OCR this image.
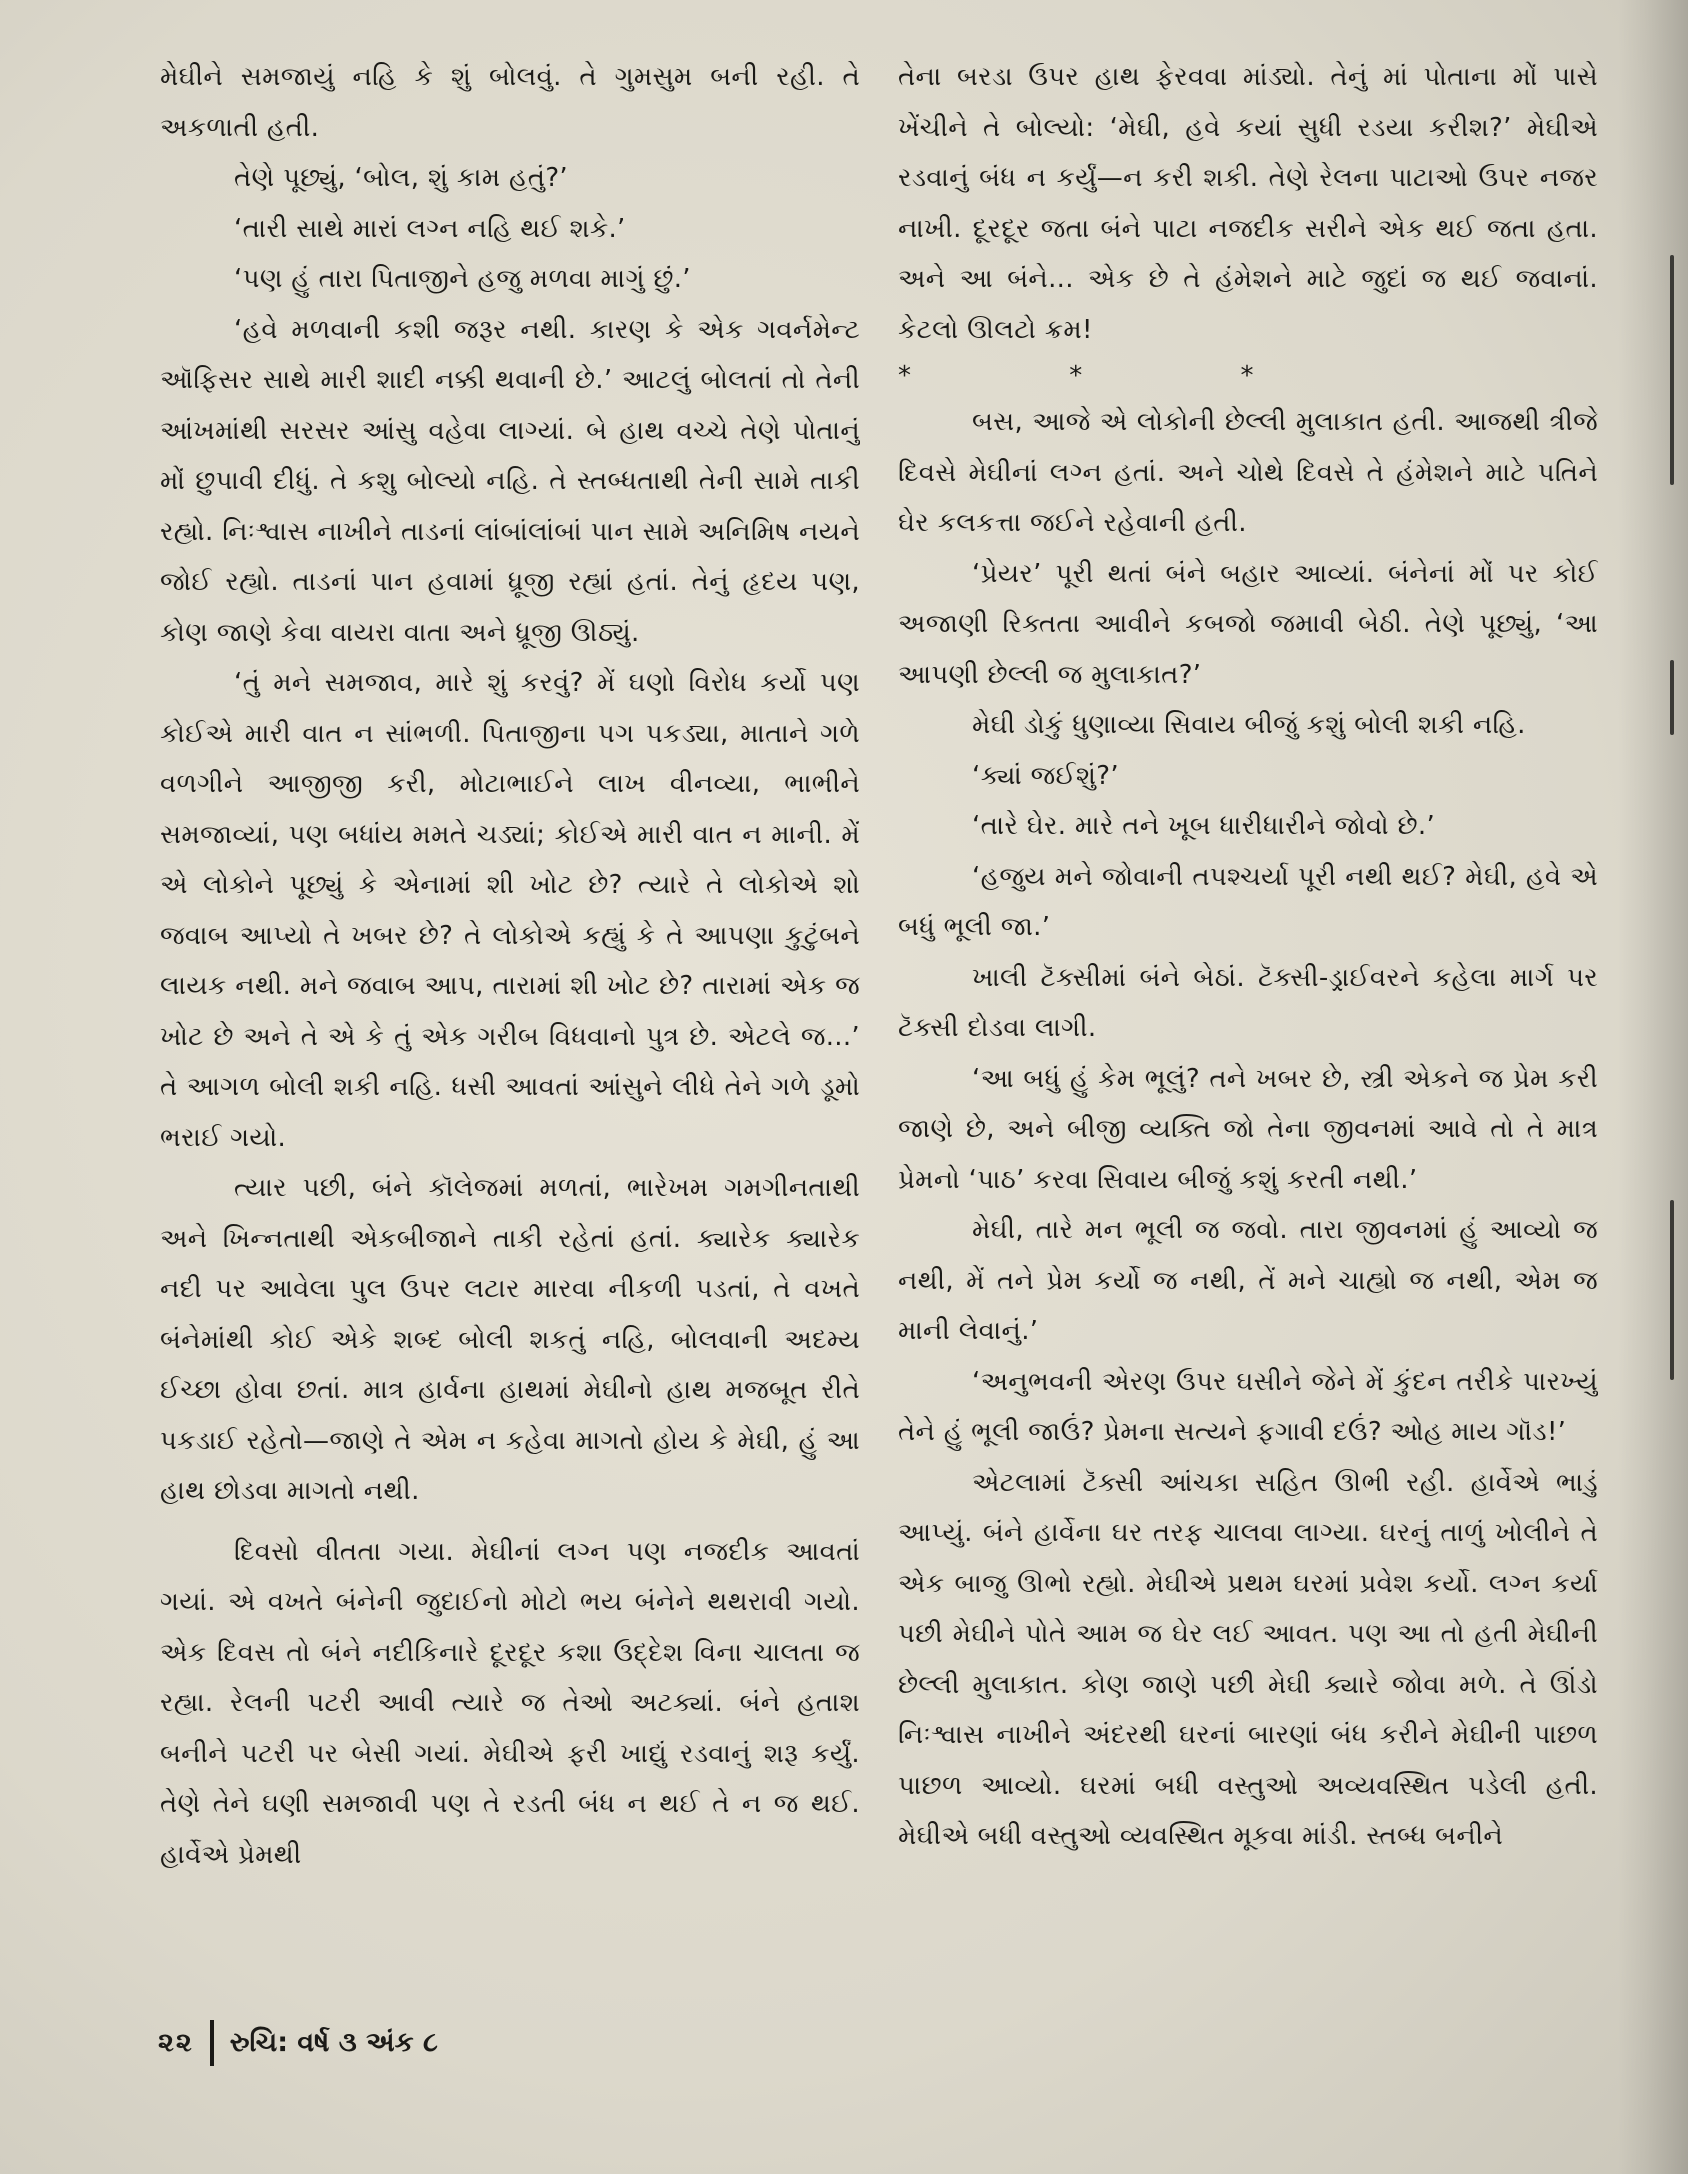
મેઘીને સમજાયું નહિ કે શું બોલવું. તે ગુમસુમ બની રહી. તે અકળાતી હતી.

તેણે પૂછ્યું, ‘બોલ, શું કામ હતું?’

‘તારી સાથે મારાં લગ્ન નહિ થઈ શકે.’

‘પણ હું તારા પિતાજીને હજુ મળવા માગું છું.’

‘હવે મળવાની કશી જરૂર નથી. કારણ કે એક ગવર્નમેન્ટ ઑફિસર સાથે મારી શાદી નક્કી થવાની છે.’ આટલું બોલતાં તો તેની આંખમાંથી સરસર આંસુ વહેવા લાગ્યાં. બે હાથ વચ્ચે તેણે પોતાનું મોં છુપાવી દીધું. તે કશુ બોલ્યો નહિ. તે સ્તબ્ધતાથી તેની સામે તાકી રહ્યો. નિઃશ્વાસ નાખીને તાડનાં લાંબાંલાંબાં પાન સામે અનિમિષ નયને જોઈ રહ્યો. તાડનાં પાન હવામાં ધ્રૂજી રહ્યાં હતાં. તેનું હૃદય પણ, કોણ જાણે કેવા વાયરા વાતા અને ધ્રૂજી ઊઠ્યું.

‘તું મને સમજાવ, મારે શું કરવું? મેં ઘણો વિરોધ કર્યો પણ કોઈએ મારી વાત ન સાંભળી. પિતાજીના પગ પકડ્યા, માતાને ગળે વળગીને આજીજી કરી, મોટાભાઈને લાખ વીનવ્યા, ભાભીને સમજાવ્યાં, પણ બધાંય મમતે ચડ્યાં; કોઈએ મારી વાત ન માની. મેં એ લોકોને પૂછ્યું કે એનામાં શી ખોટ છે? ત્યારે તે લોકોએ શો જવાબ આપ્યો તે ખબર છે? તે લોકોએ કહ્યું કે તે આપણા કુટુંબને લાયક નથી. મને જવાબ આપ, તારામાં શી ખોટ છે? તારામાં એક જ ખોટ છે અને તે એ કે તું એક ગરીબ વિધવાનો પુત્ર છે. એટલે જ...’ તે આગળ બોલી શકી નહિ. ધસી આવતાં આંસુને લીધે તેને ગળે ડૂમો ભરાઈ ગયો.

ત્યાર પછી, બંને કૉલેજમાં મળતાં, ભારેખમ ગમગીનતાથી અને ખિન્નતાથી એકબીજાને તાકી રહેતાં હતાં. ક્યારેક ક્યારેક નદી પર આવેલા પુલ ઉપર લટાર મારવા નીકળી પડતાં, તે વખતે બંનેમાંથી કોઈ એકે શબ્દ બોલી શકતું નહિ, બોલવાની અદમ્ય ઈચ્છા હોવા છતાં. માત્ર હાર્વના હાથમાં મેઘીનો હાથ મજબૂત રીતે પકડાઈ રહેતો—જાણે તે એમ ન કહેવા માગતો હોય કે મેઘી, હું આ હાથ છોડવા માગતો નથી.

દિવસો વીતતા ગયા. મેઘીનાં લગ્ન પણ નજદીક આવતાં ગયાં. એ વખતે બંનેની જુદાઈનો મોટો ભય બંનેને થથરાવી ગયો. એક દિવસ તો બંને નદીકિનારે દૂરદૂર કશા ઉદ્દેશ વિના ચાલતા જ રહ્યા. રેલની પટરી આવી ત્યારે જ તેઓ અટક્યાં. બંને હતાશ બનીને પટરી પર બેસી ગયાં. મેઘીએ ફરી ખાદ્યું રડવાનું શરૂ કર્યું. તેણે તેને ઘણી સમજાવી પણ તે રડતી બંધ ન થઈ તે ન જ થઈ. હાર્વેએ પ્રેમથી

તેના બરડા ઉપર હાથ ફેરવવા માંડ્યો. તેનું માં પોતાના મોં પાસે ખેંચીને તે બોલ્યો: ‘મેઘી, હવે કયાં સુધી રડયા કરીશ?’ મેઘીએ રડવાનું બંધ ન કર્યું—ન કરી શકી. તેણે રેલના પાટાઓ ઉપર નજર નાખી. દૂરદૂર જતા બંને પાટા નજદીક સરીને એક થઈ જતા હતા. અને આ બંને... એક છે તે હંમેશને માટે જુદાં જ થઈ જવાનાં. કેટલો ઊલટો ક્રમ!

* * *

બસ, આજે એ લોકોની છેલ્લી મુલાકાત હતી. આજથી ત્રીજે દિવસે મેઘીનાં લગ્ન હતાં. અને ચોથે દિવસે તે હંમેશને માટે પતિને ઘેર કલકત્તા જઈને રહેવાની હતી.

‘પ્રેયર’ પૂરી થતાં બંને બહાર આવ્યાં. બંનેનાં મોં પર કોઈ અજાણી રિક્તતા આવીને કબજો જમાવી બેઠી. તેણે પૂછ્યું, ‘આ આપણી છેલ્લી જ મુલાકાત?’

મેઘી ડોકું ધુણાવ્યા સિવાય બીજું કશું બોલી શકી નહિ.

‘ક્યાં જઈશું?’

‘તારે ઘેર. મારે તને ખૂબ ધારીધારીને જોવો છે.’

‘હજુય મને જોવાની તપશ્ચર્યા પૂરી નથી થઈ? મેઘી, હવે એ બધું ભૂલી જા.’

ખાલી ટૅક્સીમાં બંને બેઠાં. ટૅક્સી-ડ્રાઈવરને કહેલા માર્ગ પર ટૅક્સી દોડવા લાગી.

‘આ બધું હું કેમ ભૂલું? તને ખબર છે, સ્ત્રી એકને જ પ્રેમ કરી જાણે છે, અને બીજી વ્યક્તિ જો તેના જીવનમાં આવે તો તે માત્ર પ્રેમનો ‘પાઠ’ કરવા સિવાય બીજું કશું કરતી નથી.’

મેઘી, તારે મન ભૂલી જ જવો. તારા જીવનમાં હું આવ્યો જ નથી, મેં તને પ્રેમ કર્યો જ નથી, તેં મને ચાહ્યો જ નથી, એમ જ માની લેવાનું.’

‘અનુભવની એરણ ઉપર ઘસીને જેને મેં કુંદન તરીકે પારખ્યું તેને હું ભૂલી જાઉં? પ્રેમના સત્યને ફગાવી દઉં? ઓહ માય ગૉડ!’

એટલામાં ટૅક્સી આંચકા સહિત ઊભી રહી. હાર્વેએ ભાડું આપ્યું. બંને હાર્વેના ઘર તરફ ચાલવા લાગ્યા. ઘરનું તાળું ખોલીને તે એક બાજુ ઊભો રહ્યો. મેઘીએ પ્રથમ ઘરમાં પ્રવેશ કર્યો. લગ્ન કર્યા પછી મેઘીને પોતે આમ જ ઘેર લઈ આવત. પણ આ તો હતી મેઘીની છેલ્લી મુલાકાત. કોણ જાણે પછી મેઘી ક્યારે જોવા મળે. તે ઊંડો નિઃશ્વાસ નાખીને અંદરથી ઘરનાં બારણાં બંધ કરીને મેઘીની પાછળ પાછળ આવ્યો. ઘરમાં બધી વસ્તુઓ અવ્યવસ્થિત પડેલી હતી. મેઘીએ બધી વસ્તુઓ વ્યવસ્થિત મૂકવા માંડી. સ્તબ્ધ બનીને

૨૨ રુચિ: વર્ષ ૩ અંક ૮
